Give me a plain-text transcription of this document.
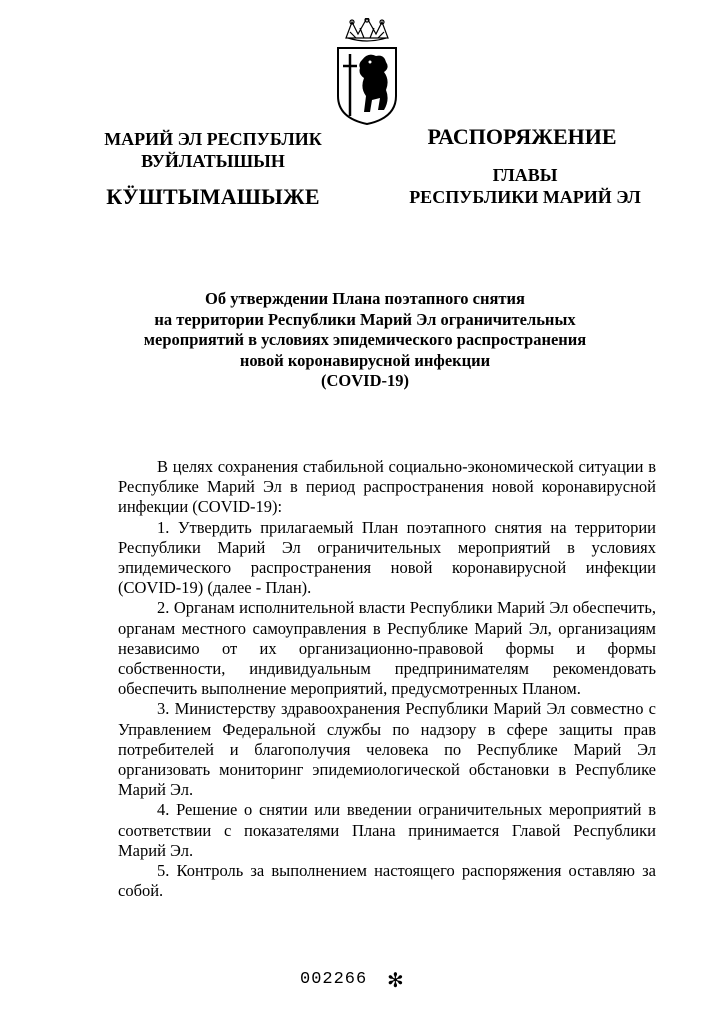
МАРИЙ ЭЛ РЕСПУБЛИК
ВУЙЛАТЫШЫН
КӰШТЫМАШЫЖЕ
РАСПОРЯЖЕНИЕ
ГЛАВЫ
РЕСПУБЛИКИ МАРИЙ ЭЛ
Об утверждении Плана поэтапного снятия
на территории Республики Марий Эл ограничительных
мероприятий в условиях эпидемического распространения
новой коронавирусной инфекции
(COVID-19)

В целях сохранения стабильной социально-экономической ситуации в Республике Марий Эл в период распространения новой коронавирусной инфекции (COVID-19):

1. Утвердить прилагаемый План поэтапного снятия на территории Республики Марий Эл ограничительных мероприятий в условиях эпидемического распространения новой коронавирусной инфекции (COVID-19) (далее - План).

2. Органам исполнительной власти Республики Марий Эл обеспечить, органам местного самоуправления в Республике Марий Эл, организациям независимо от их организационно-правовой формы и формы собственности, индивидуальным предпринимателям рекомендовать обеспечить выполнение мероприятий, предусмотренных Планом.

3. Министерству здравоохранения Республики Марий Эл совместно с Управлением Федеральной службы по надзору в сфере защиты прав потребителей и благополучия человека по Республике Марий Эл организовать мониторинг эпидемиологической обстановки в Республике Марий Эл.

4. Решение о снятии или введении ограничительных мероприятий в соответствии с показателями Плана принимается Главой Республики Марий Эл.

5. Контроль за выполнением настоящего распоряжения оставляю за собой.

002266 ✻
